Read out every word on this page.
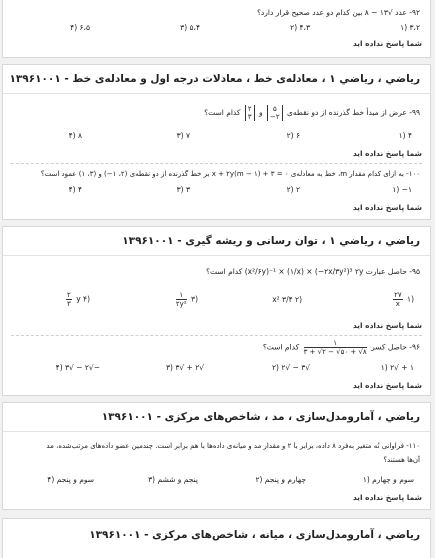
۹۲- عدد √۱۳ − ۸ بین کدام دو عدد صحیح قرار دارد؟
۳،۲ (۱
۴،۳ (۲
۵،۴ (۳
۶،۵ (۴
شما پاسخ نداده اید
ریاضي ، رياضي ۱ ، معادله‌ی خط ، معادلات درجه اول و معادله‌ی خط - ۱۳۹۶۱۰۰۱
۹۹- عرض از مبدأ خط گذرنده از دو نقطه‌ی
۵
۲−
و
۲
۳
کدام است؟
۴ (۱
۶ (۲
۷ (۳
۸ (۴
شما پاسخ نداده اید
۱۰۰- به ازای کدام مقدار m، خط به معادله‌ی ۰ = ۳ + (m − ۱)x + ۲y بر خط گذرنده از دو نقطه‌ی (۲، ۱−) و (۳، ۱) عمود است؟
۱− (۱
۲ (۲
۳ (۳
۴ (۴
شما پاسخ نداده اید
ریاضي ، رياضي ۱ ، توان رسانی و ریشه گیری - ۱۳۹۶۱۰۰۱
۹۵- حاصل عبارت (x²/۶y)⁻¹ × (۱/x) × (−۲x/۳y²)³ ۲y کدام است؟
(۱
$\frac{۲۷}{x}$
(۲ x² ۳/۴
(۳
$\frac{۱}{\text{۲y²}}$
(۴ y
$\frac{۲}{۳}$
شما پاسخ نداده اید
۹۶- حاصل کسر
$\frac{۱}{۳ + √۲ - √۵۰ + √۸}$
کدام است؟
۱ + √۲ (۱
√۳ − √۲ (۲
√۲ + √۳ (۳
−√۲ − √۳ (۴
شما پاسخ نداده اید
ریاضي ، آمارومدل‌سازی ، مد ، شاخص‌های مرکزی - ۱۳۹۶۱۰۰۱
۱۱۰- فراوانی نُه متغیر به‌فرد ۸ داده، برابر با ۲ و مقدار مد و میانه‌ی داده‌ها با هم برابر است. چندمین عضو داده‌های مرتب‌شده، مد
آن‌ها هستند؟
سوم و چهارم (۱
چهارم و پنجم (۲
پنجم و ششم (۳
سوم و پنجم (۴
شما پاسخ نداده اید
ریاضي ، آمارومدل‌سازی ، میانه ، شاخص‌های مرکزی - ۱۳۹۶۱۰۰۱
